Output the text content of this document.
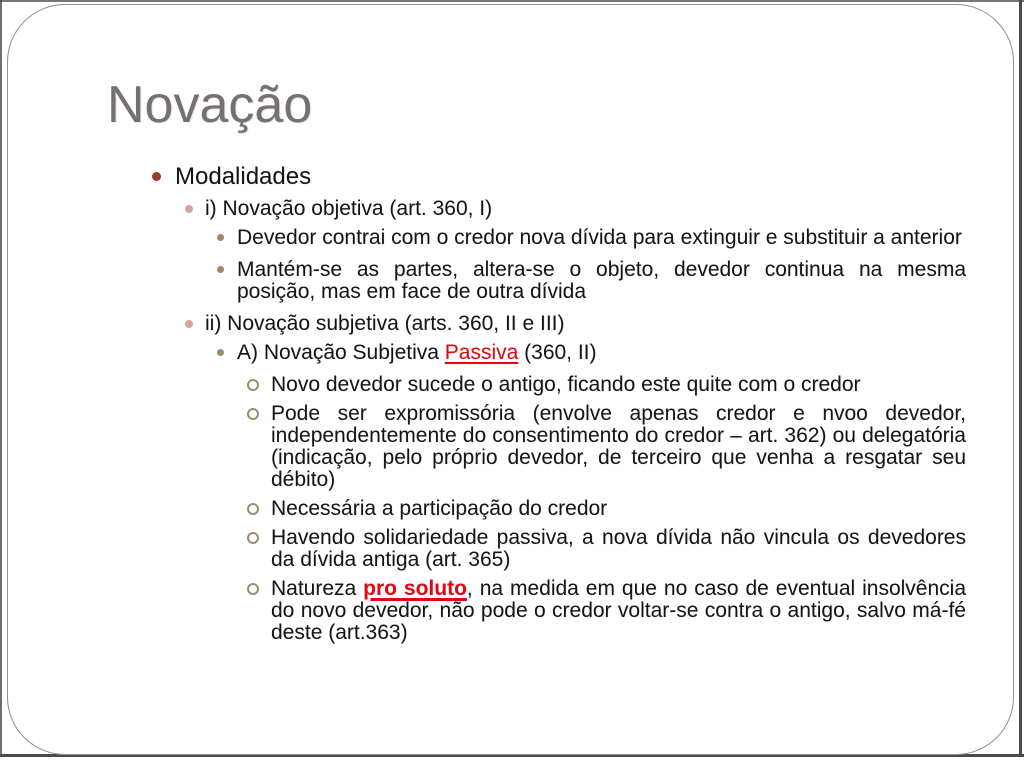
Novação
Modalidades
i) Novação objetiva (art. 360, I)
Devedor contrai com o credor nova dívida para extinguir e substituir a anterior
Mantém-se as partes, altera-se o objeto, devedor continua na mesma posição, mas em face de outra dívida
ii) Novação subjetiva (arts. 360, II e III)
A) Novação Subjetiva Passiva (360, II)
Novo devedor sucede o antigo, ficando este quite com o credor
Pode ser expromissória (envolve apenas credor e nvoo devedor, independentemente do consentimento do credor – art. 362) ou delegatória (indicação, pelo próprio devedor, de terceiro que venha a resgatar seu débito)
Necessária a participação do credor
Havendo solidariedade passiva, a nova dívida não vincula os devedores da dívida antiga (art. 365)
Natureza pro soluto, na medida em que no caso de eventual insolvência do novo devedor, não pode o credor voltar-se contra o antigo, salvo má-fé deste (art.363)
